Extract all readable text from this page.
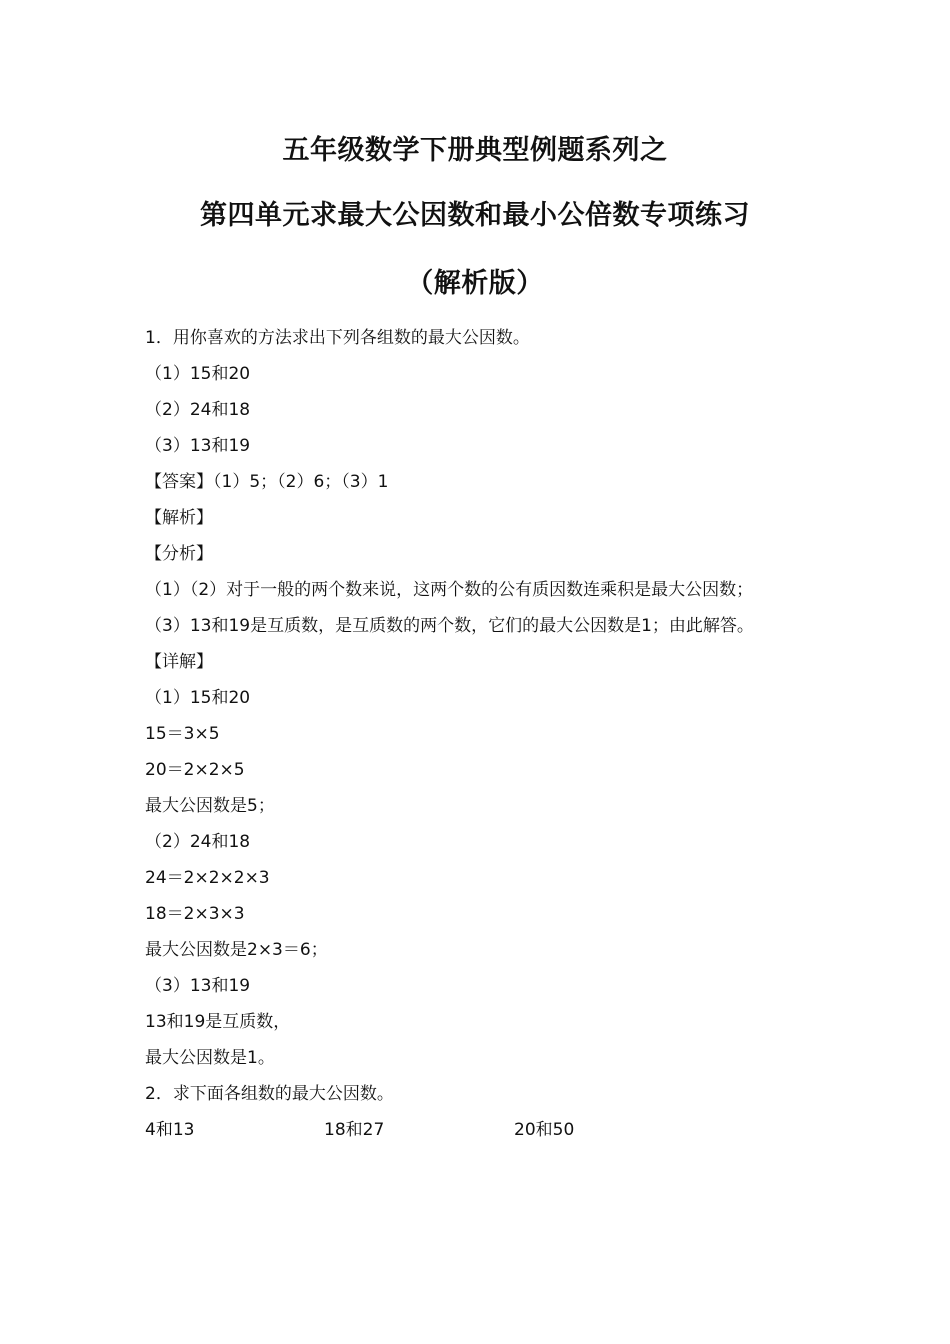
五年级数学下册典型例题系列之
第四单元求最大公因数和最小公倍数专项练习
（解析版）
1．用你喜欢的方法求出下列各组数的最大公因数。
（1）15和20
（2）24和18
（3）13和19
【答案】（1）5；（2）6；（3）1
【解析】
【分析】
（1）（2）对于一般的两个数来说，这两个数的公有质因数连乘积是最大公因数；
（3）13和19是互质数，是互质数的两个数，它们的最大公因数是1；由此解答。
【详解】
（1）15和20
15＝3×5
20＝2×2×5
最大公因数是5；
（2）24和18
24＝2×2×2×3
18＝2×3×3
最大公因数是2×3＝6；
（3）13和19
13和19是互质数，
最大公因数是1。
2．求下面各组数的最大公因数。
4和13	18和27	20和50
